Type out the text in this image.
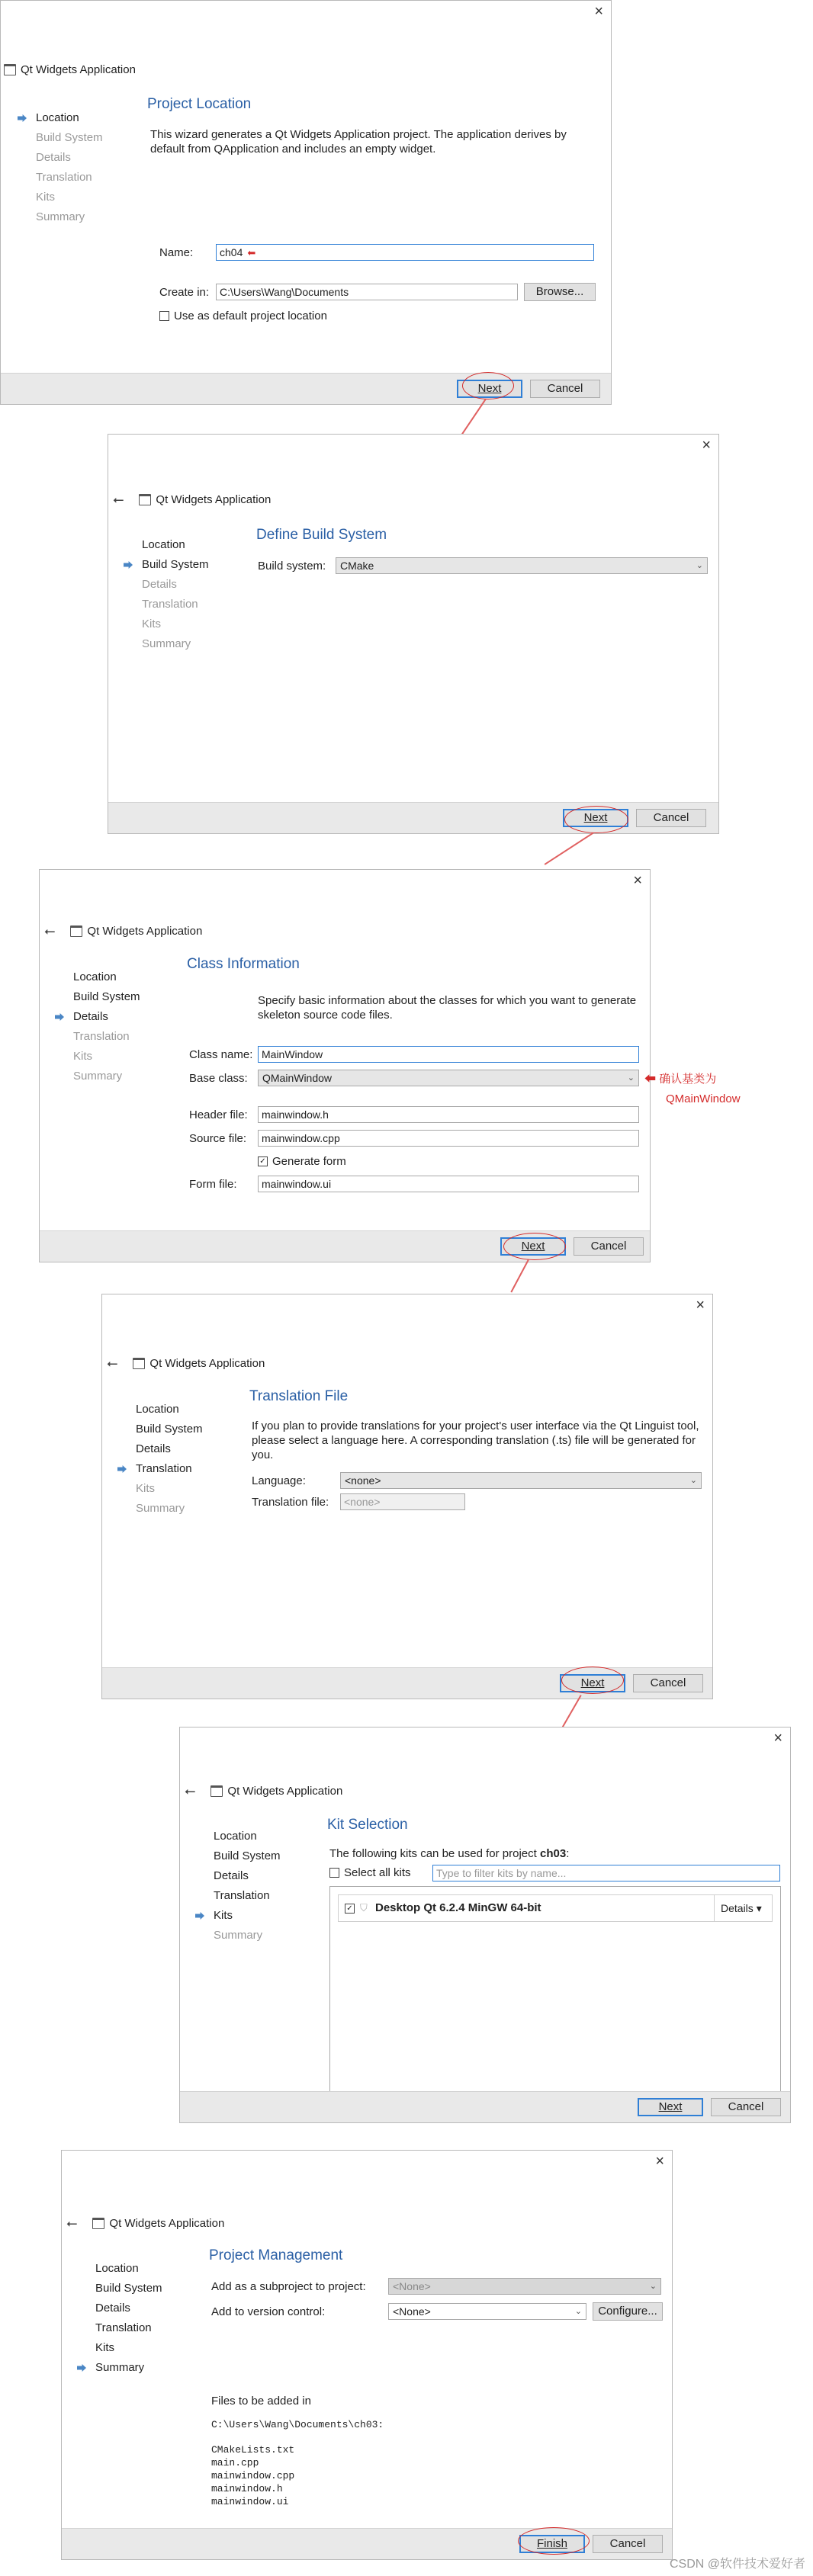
×
Qt Widgets Application
Location
Build System
Details
Translation
Kits
Summary
Project Location
This wizard generates a Qt Widgets Application project. The application derives by default from QApplication and includes an empty widget.
Name:	ch04 ⬅
Create in: C:\Users\Wang\Documents	Browse...
Use as default project location
Next	Cancel
×
⭠	Qt Widgets Application
Location
Build System
Details
Translation
Kits
Summary
Define Build System
Build system:	CMake	⌄
Next	Cancel
×
⭠	Qt Widgets Application
Location
Build System
Details
Translation
Kits
Summary
Class Information
Specify basic information about the classes for which you want to generate skeleton source code files.
Class name: MainWindow
Base class:	QMainWindow	⌄
Header file:	mainwindow.h
Source file:	mainwindow.cpp
✓ Generate form
Form file:	mainwindow.ui
Next	Cancel
⬅ 确认基类为
QMainWindow
×
⭠	Qt Widgets Application
Location
Build System
Details
Translation
Kits
Summary
Translation File
If you plan to provide translations for your project's user interface via the Qt Linguist tool, please select a language here. A corresponding translation (.ts) file will be generated for you.
Language:	<none>	⌄
Translation file:	<none>
Next	Cancel
×
⭠	Qt Widgets Application
Location
Build System
Details
Translation
Kits
Summary
Kit Selection
The following kits can be used for project ch03:
Select all kits	Type to filter kits by name...
✓ ⛉ Desktop Qt 6.2.4 MinGW 64-bit	Details ▾
Next	Cancel
×
⭠	Qt Widgets Application
Location
Build System
Details
Translation
Kits
Summary
Project Management
Add as a subproject to project:	<None>	⌄
Add to version control:	<None>	⌄	Configure...
Files to be added in
C:\Users\Wang\Documents\ch03:
CMakeLists.txt
main.cpp
mainwindow.cpp
mainwindow.h
mainwindow.ui
Finish	Cancel
CSDN @软件技术爱好者
